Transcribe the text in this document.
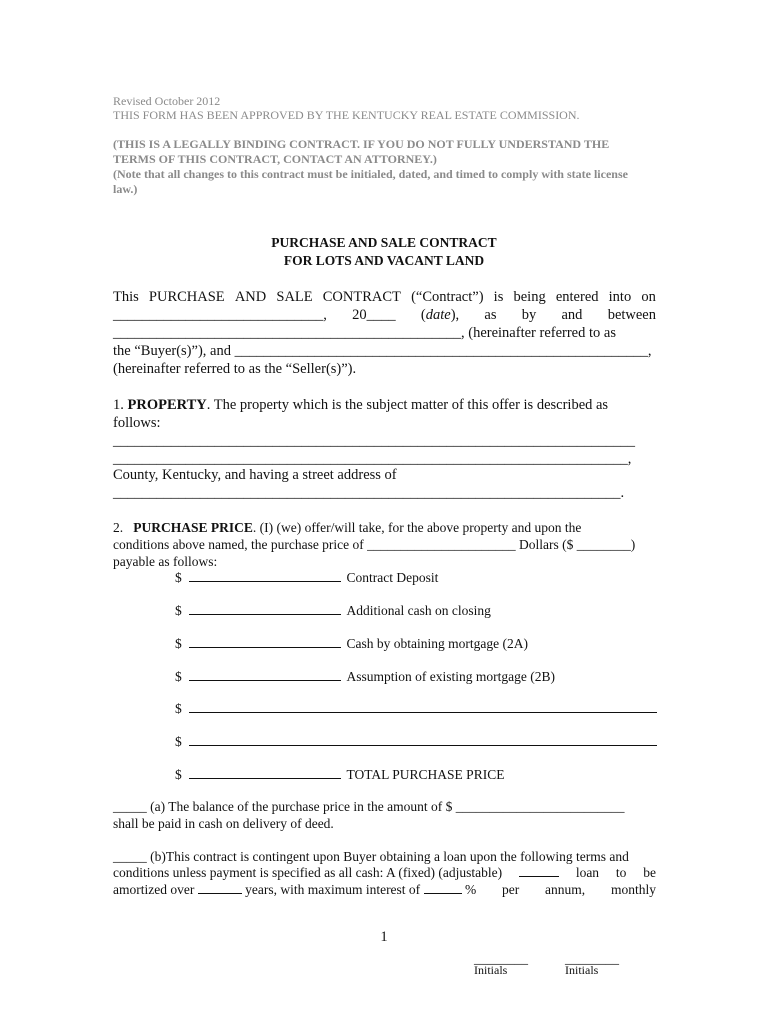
Revised October 2012
THIS FORM HAS BEEN APPROVED BY THE KENTUCKY REAL ESTATE COMMISSION.
(THIS IS A LEGALLY BINDING CONTRACT. IF YOU DO NOT FULLY UNDERSTAND THE
TERMS OF THIS CONTRACT, CONTACT AN ATTORNEY.)
(Note that all changes to this contract must be initialed, dated, and timed to comply with state license
law.)
PURCHASE AND SALE CONTRACT
FOR LOTS AND VACANT LAND
This PURCHASE AND SALE CONTRACT (“Contract”) is being entered into on
_____________________________, 20____ (date), as by and between
________________________________________________, (hereinafter referred to as
the “Buyer(s)”), and _________________________________________________________,
(hereinafter referred to as the “Seller(s)”).
1. PROPERTY. The property which is the subject matter of this offer is described as
follows:
________________________________________________________________________
_______________________________________________________________________,
County, Kentucky, and having a street address of
______________________________________________________________________.
2. PURCHASE PRICE. (I) (we) offer/will take, for the above property and upon the
conditions above named, the purchase price of ______________________ Dollars ($ ________)
payable as follows:
$	Contract Deposit
$	Additional cash on closing
$	Cash by obtaining mortgage (2A)
$	Assumption of existing mortgage (2B)
$
$
$	TOTAL PURCHASE PRICE
_____ (a) The balance of the purchase price in the amount of $ _________________________
shall be paid in cash on delivery of deed.
_____ (b)This contract is contingent upon Buyer obtaining a loan upon the following terms and
conditions unless payment is specified as all cash: A (fixed) (adjustable)	loan to be
amortized over	years, with maximum interest of	% per annum, monthly
1
________
Initials
________
Initials
